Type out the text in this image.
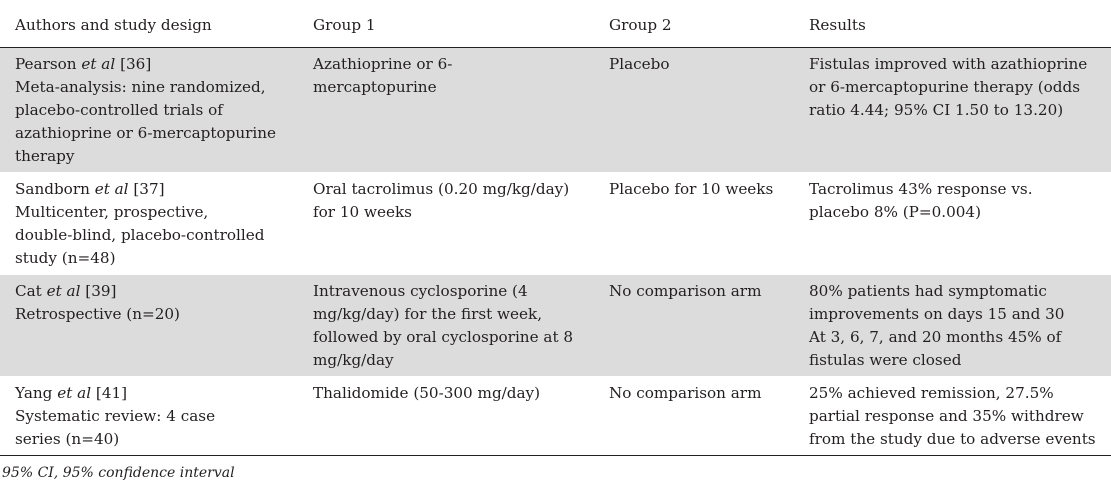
Authors and study design	Group 1	Group 2	Results

Pearson et al [36]
Meta-analysis: nine randomized, placebo-controlled trials of azathioprine or 6-mercaptopurine therapy	Azathioprine or 6-mercaptopurine	Placebo	Fistulas improved with azathioprine or 6-mercaptopurine therapy (odds ratio 4.44; 95% CI 1.50 to 13.20)

Sandborn et al [37]
Multicenter, prospective, double-blind, placebo-controlled study (n=48)	Oral tacrolimus (0.20 mg/kg/day) for 10 weeks	Placebo for 10 weeks	Tacrolimus 43% response vs. placebo 8% (P=0.004)

Cat et al [39]
Retrospective (n=20)	Intravenous cyclosporine (4 mg/kg/day) for the first week, followed by oral cyclosporine at 8 mg/kg/day	No comparison arm	80% patients had symptomatic improvements on days 15 and 30 At 3, 6, 7, and 20 months 45% of fistulas were closed

Yang et al [41]
Systematic review: 4 case series (n=40)	Thalidomide (50-300 mg/day)	No comparison arm	25% achieved remission, 27.5% partial response and 35% withdrew from the study due to adverse events
95% CI, 95% confidence interval
